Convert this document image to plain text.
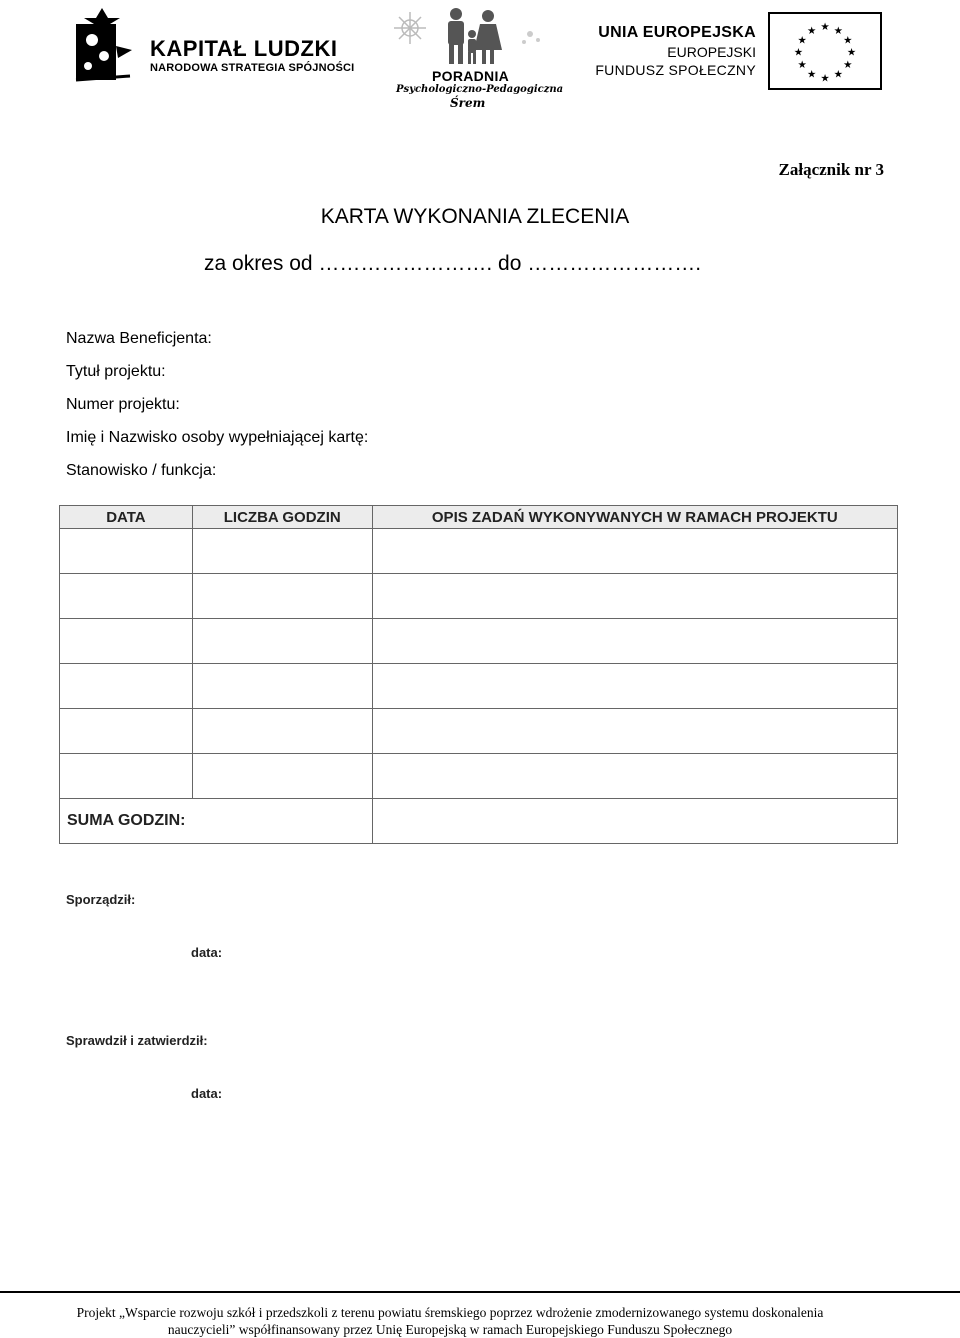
KAPITAŁ LUDZKI
NARODOWA STRATEGIA SPÓJNOŚCI	PORADNIA
Psychologiczno-Pedagogiczna
Śrem
UNIA EUROPEJSKA
EUROPEJSKI
FUNDUSZ SPOŁECZNY
★ ★
★
★
★
★
★
★
★
★
★
★
Załącznik nr 3
KARTA WYKONANIA ZLECENIA
za okres od ……………………. do …………………….
Nazwa Beneficjenta:
Tytuł projektu:
Numer projektu:
Imię i Nazwisko osoby wypełniającej kartę:
Stanowisko / funkcja:
DATA	LICZBA GODZIN	OPIS ZADAŃ WYKONYWANYCH W RAMACH PROJEKTU

SUMA GODZIN:		
Sporządził:
data:
Sprawdził i zatwierdził:
data:
Projekt „Wsparcie rozwoju szkół i przedszkoli z terenu powiatu śremskiego poprzez wdrożenie zmodernizowanego systemu doskonalenia
nauczycieli” współfinansowany przez Unię Europejską w ramach Europejskiego Funduszu Społecznego
